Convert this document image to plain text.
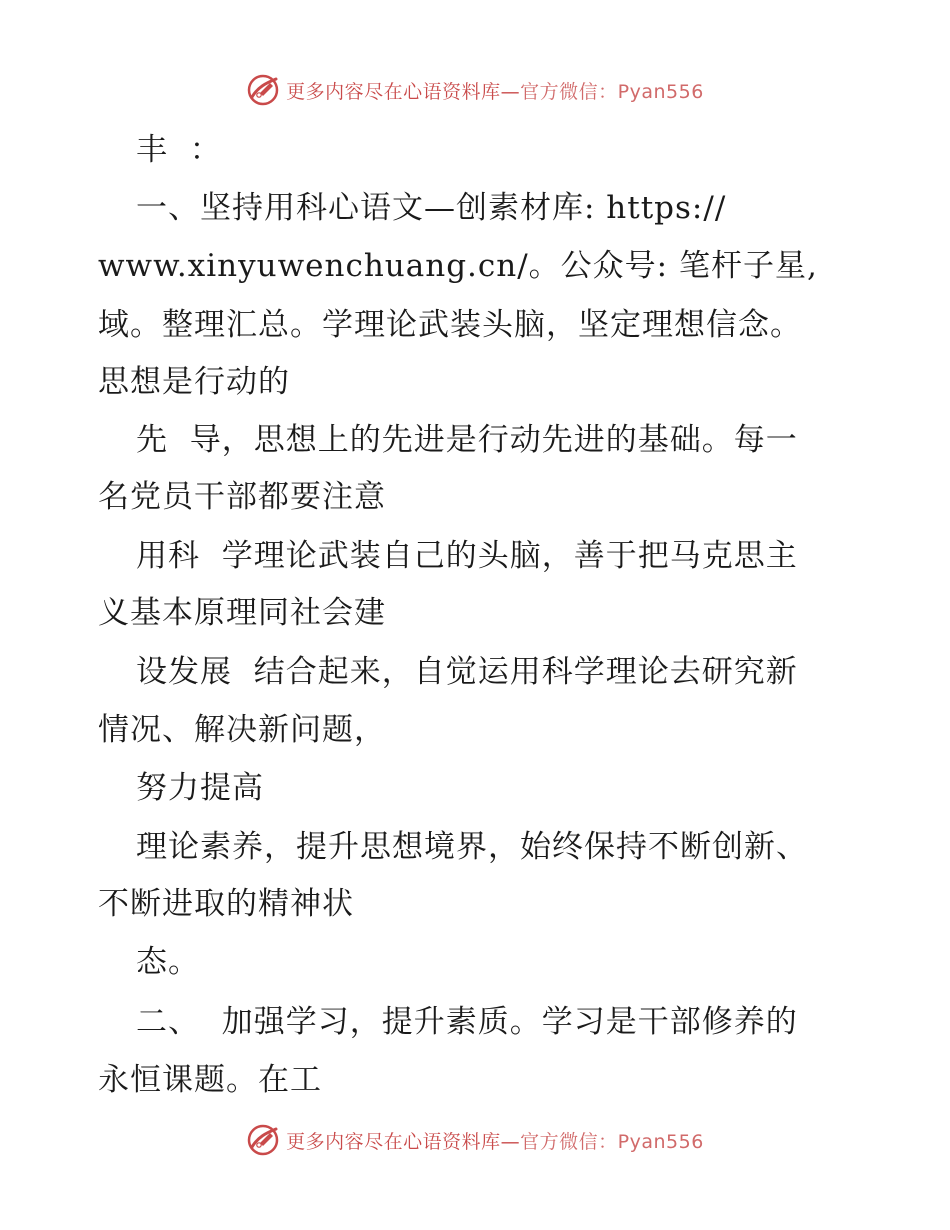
更多内容尽在心语资料库—官方微信：Pyan556
丰  ：
一、坚持用科心语文—创素材库: https://
www.xinyuwenchuang.cn/。公众号: 笔杆子星,
域。整理汇总。学理论武装头脑，坚定理想信念。
思想是行动的
先  导，思想上的先进是行动先进的基础。每一
名党员干部都要注意
用科  学理论武装自己的头脑，善于把马克思主
义基本原理同社会建
设发展  结合起来，自觉运用科学理论去研究新
情况、解决新问题，
努力提高
理论素养，提升思想境界，始终保持不断创新、
不断进取的精神状
态。
二、  加强学习，提升素质。学习是干部修养的
永恒课题。在工
更多内容尽在心语资料库—官方微信：Pyan556
